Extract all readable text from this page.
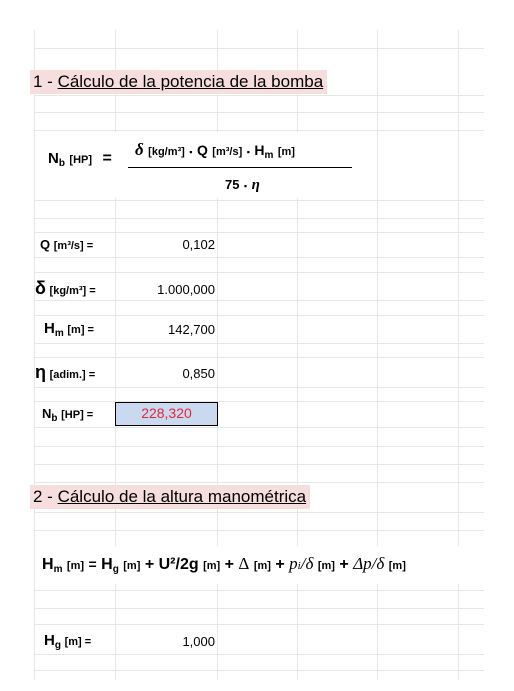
1 - Cálculo de la potencia de la bomba
$N_b$ [HP] = δ [kg/m³] ▪ Q [m³/s] ▪ $H_m$ [m]
75 ▪ η
Q [m³/s] =	0,102
δ [kg/m³] =	1.000,000
$H_m$ [m] =	142,700
η [adim.] =	0,850
$N_b$ [HP] =	228,320
2 - Cálculo de la altura manométrica
$H_m$ $[m] = H_g$ [m] + U²/2g [m] + Δ [m] + pi/δ [m] + Δp/δ [m]
$H_g$ [m] =	1,000
